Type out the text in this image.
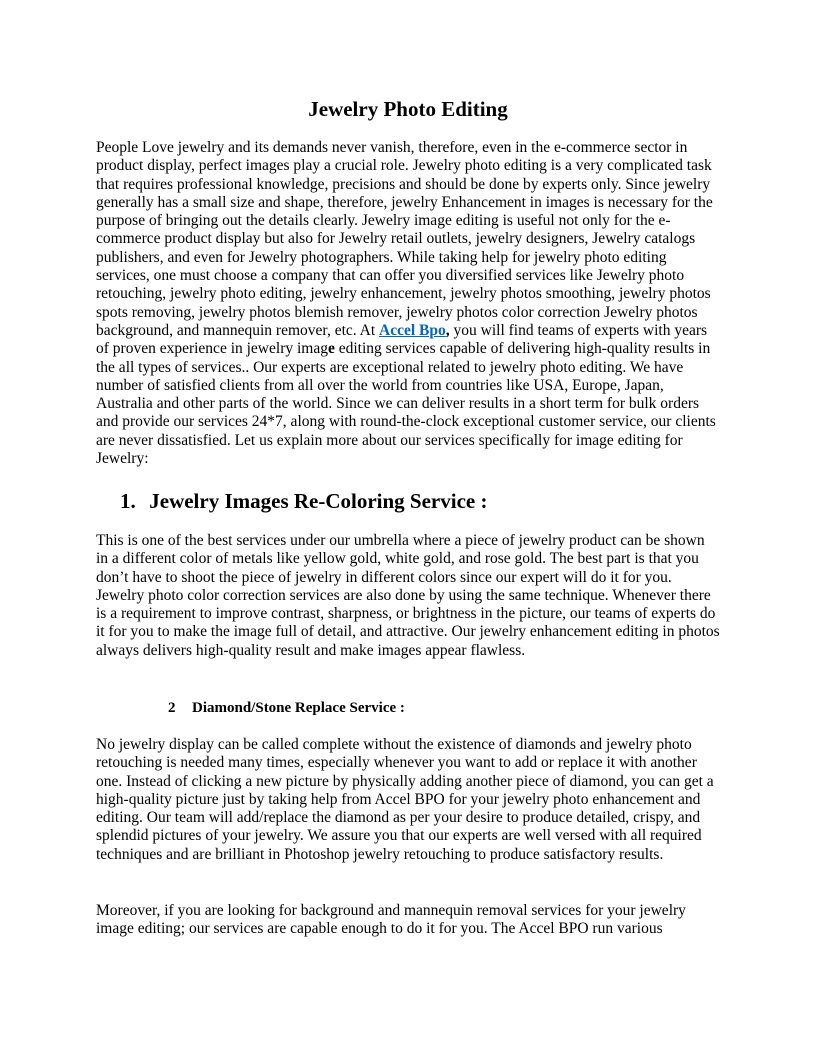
Jewelry Photo Editing

People Love jewelry and its demands never vanish, therefore, even in the e-commerce sector in product display, perfect images play a crucial role. Jewelry photo editing is a very complicated task that requires professional knowledge, precisions and should be done by experts only. Since jewelry generally has a small size and shape, therefore, jewelry Enhancement in images is necessary for the purpose of bringing out the details clearly. Jewelry image editing is useful not only for the e-commerce product display but also for Jewelry retail outlets, jewelry designers, Jewelry catalogs publishers, and even for Jewelry photographers. While taking help for jewelry photo editing services, one must choose a company that can offer you diversified services like Jewelry photo retouching, jewelry photo editing, jewelry enhancement, jewelry photos smoothing, jewelry photos spots removing, jewelry photos blemish remover, jewelry photos color correction Jewelry photos background, and mannequin remover, etc. At Accel Bpo, you will find teams of experts with years of proven experience in jewelry image editing services capable of delivering high-quality results in the all types of services.. Our experts are exceptional related to jewelry photo editing. We have number of satisfied clients from all over the world from countries like USA, Europe, Japan, Australia and other parts of the world. Since we can deliver results in a short term for bulk orders and provide our services 24*7, along with round-the-clock exceptional customer service, our clients are never dissatisfied. Let us explain more about our services specifically for image editing for Jewelry:

1. Jewelry Images Re-Coloring Service :

This is one of the best services under our umbrella where a piece of jewelry product can be shown in a different color of metals like yellow gold, white gold, and rose gold. The best part is that you don’t have to shoot the piece of jewelry in different colors since our expert will do it for you. Jewelry photo color correction services are also done by using the same technique. Whenever there is a requirement to improve contrast, sharpness, or brightness in the picture, our teams of experts do it for you to make the image full of detail, and attractive. Our jewelry enhancement editing in photos always delivers high-quality result and make images appear flawless.

2 Diamond/Stone Replace Service :

No jewelry display can be called complete without the existence of diamonds and jewelry photo retouching is needed many times, especially whenever you want to add or replace it with another one. Instead of clicking a new picture by physically adding another piece of diamond, you can get a high-quality picture just by taking help from Accel BPO for your jewelry photo enhancement and editing. Our team will add/replace the diamond as per your desire to produce detailed, crispy, and splendid pictures of your jewelry. We assure you that our experts are well versed with all required techniques and are brilliant in Photoshop jewelry retouching to produce satisfactory results.

Moreover, if you are looking for background and mannequin removal services for your jewelry image editing; our services are capable enough to do it for you. The Accel BPO run various
